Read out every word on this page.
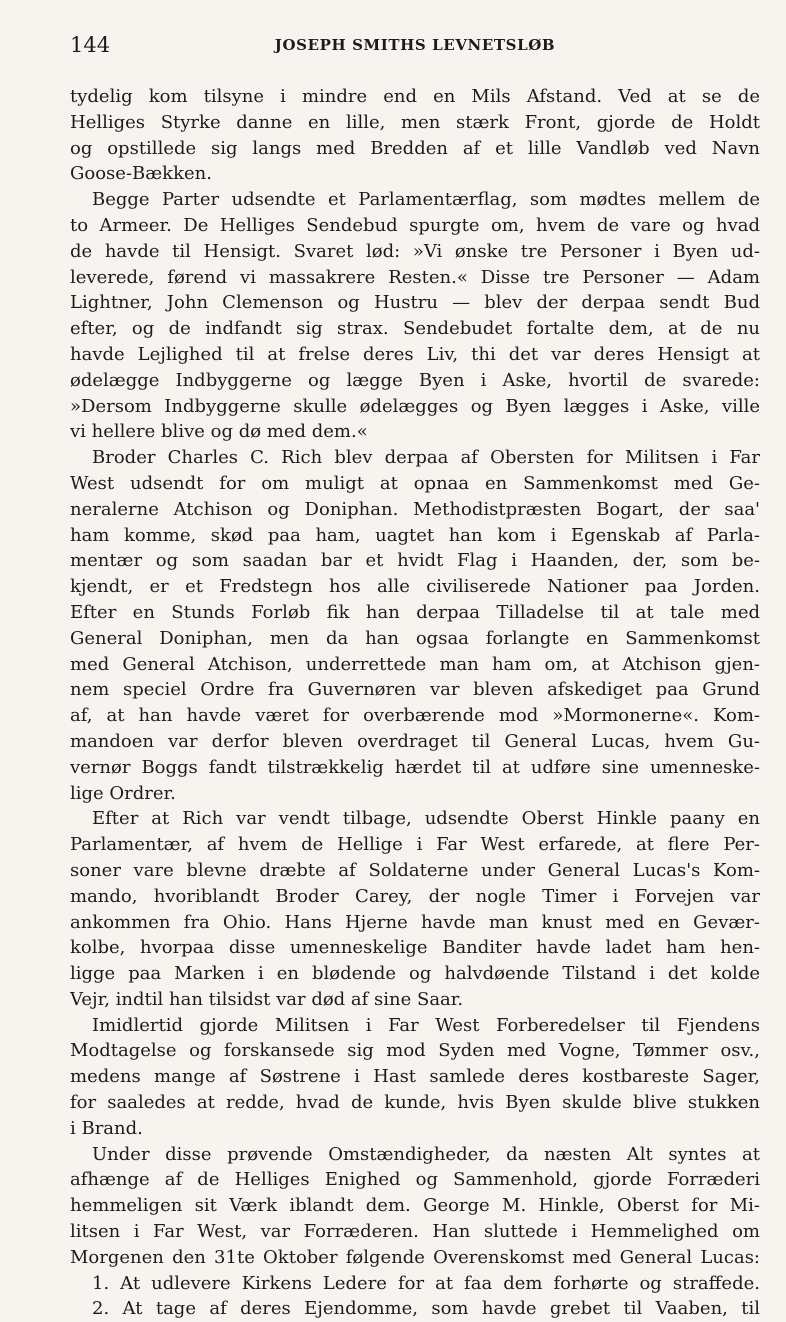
144	JOSEPH SMITHS LEVNETSLØB
tydelig kom tilsyne i mindre end en Mils Afstand. Ved at se de
Helliges Styrke danne en lille, men stærk Front, gjorde de Holdt
og opstillede sig langs med Bredden af et lille Vandløb ved Navn
Goose-Bækken.
Begge Parter udsendte et Parlamentærflag, som mødtes mellem de
to Armeer. De Helliges Sendebud spurgte om, hvem de vare og hvad
de havde til Hensigt. Svaret lød: »Vi ønske tre Personer i Byen ud-
leverede, førend vi massakrere Resten.« Disse tre Personer — Adam
Lightner, John Clemenson og Hustru — blev der derpaa sendt Bud
efter, og de indfandt sig strax. Sendebudet fortalte dem, at de nu
havde Lejlighed til at frelse deres Liv, thi det var deres Hensigt at
ødelægge Indbyggerne og lægge Byen i Aske, hvortil de svarede:
»Dersom Indbyggerne skulle ødelægges og Byen lægges i Aske, ville
vi hellere blive og dø med dem.«
Broder Charles C. Rich blev derpaa af Obersten for Militsen i Far
West udsendt for om muligt at opnaa en Sammenkomst med Ge-
neralerne Atchison og Doniphan. Methodistpræsten Bogart, der saa'
ham komme, skød paa ham, uagtet han kom i Egenskab af Parla-
mentær og som saadan bar et hvidt Flag i Haanden, der, som be-
kjendt, er et Fredstegn hos alle civiliserede Nationer paa Jorden.
Efter en Stunds Forløb fik han derpaa Tilladelse til at tale med
General Doniphan, men da han ogsaa forlangte en Sammenkomst
med General Atchison, underrettede man ham om, at Atchison gjen-
nem speciel Ordre fra Guvernøren var bleven afskediget paa Grund
af, at han havde været for overbærende mod »Mormonerne«. Kom-
mandoen var derfor bleven overdraget til General Lucas, hvem Gu-
vernør Boggs fandt tilstrækkelig hærdet til at udføre sine umenneske-
lige Ordrer.
Efter at Rich var vendt tilbage, udsendte Oberst Hinkle paany en
Parlamentær, af hvem de Hellige i Far West erfarede, at flere Per-
soner vare blevne dræbte af Soldaterne under General Lucas's Kom-
mando, hvoriblandt Broder Carey, der nogle Timer i Forvejen var
ankommen fra Ohio. Hans Hjerne havde man knust med en Gevær-
kolbe, hvorpaa disse umenneskelige Banditer havde ladet ham hen-
ligge paa Marken i en blødende og halvdøende Tilstand i det kolde
Vejr, indtil han tilsidst var død af sine Saar.
Imidlertid gjorde Militsen i Far West Forberedelser til Fjendens
Modtagelse og forskansede sig mod Syden med Vogne, Tømmer osv.,
medens mange af Søstrene i Hast samlede deres kostbareste Sager,
for saaledes at redde, hvad de kunde, hvis Byen skulde blive stukken
i Brand.
Under disse prøvende Omstændigheder, da næsten Alt syntes at
afhænge af de Helliges Enighed og Sammenhold, gjorde Forræderi
hemmeligen sit Værk iblandt dem. George M. Hinkle, Oberst for Mi-
litsen i Far West, var Forræderen. Han sluttede i Hemmelighed om
Morgenen den 31te Oktober følgende Overenskomst med General Lucas:
1. At udlevere Kirkens Ledere for at faa dem forhørte og straffede.
2. At tage af deres Ejendomme, som havde grebet til Vaaben, til
